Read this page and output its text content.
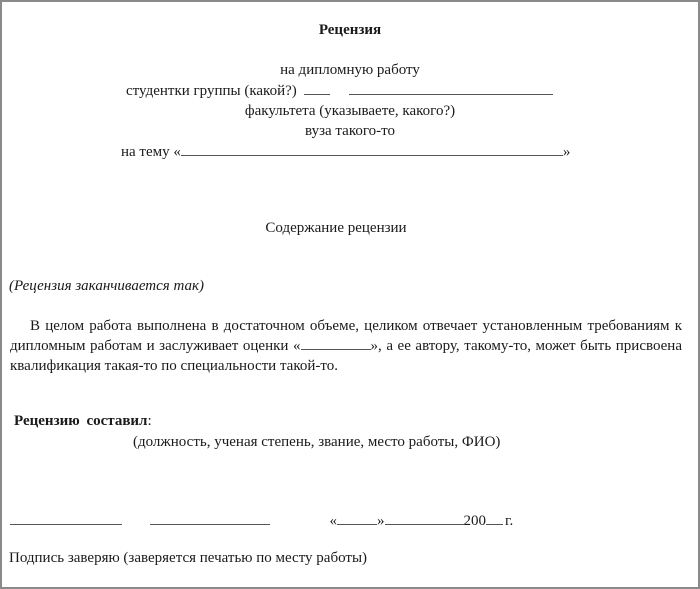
Рецензия
на дипломную работу
студентки группы (какой?)
факультета (указываете, какого?)
вуза такого-то
на тему «	»
Содержание рецензии
(Рецензия заканчивается так)
В целом работа выполнена в достаточном объеме, целиком отвечает установленным требованиям к дипломным работам и заслуживает оценки «	», а ее автору, такому-то, может быть присвоена квалификация такая-то по специальности такой-то.
Рецензию составил:
(должность, ученая степень, звание, место работы, ФИО)
«	»	200 г.
Подпись заверяю (заверяется печатью по месту работы)
